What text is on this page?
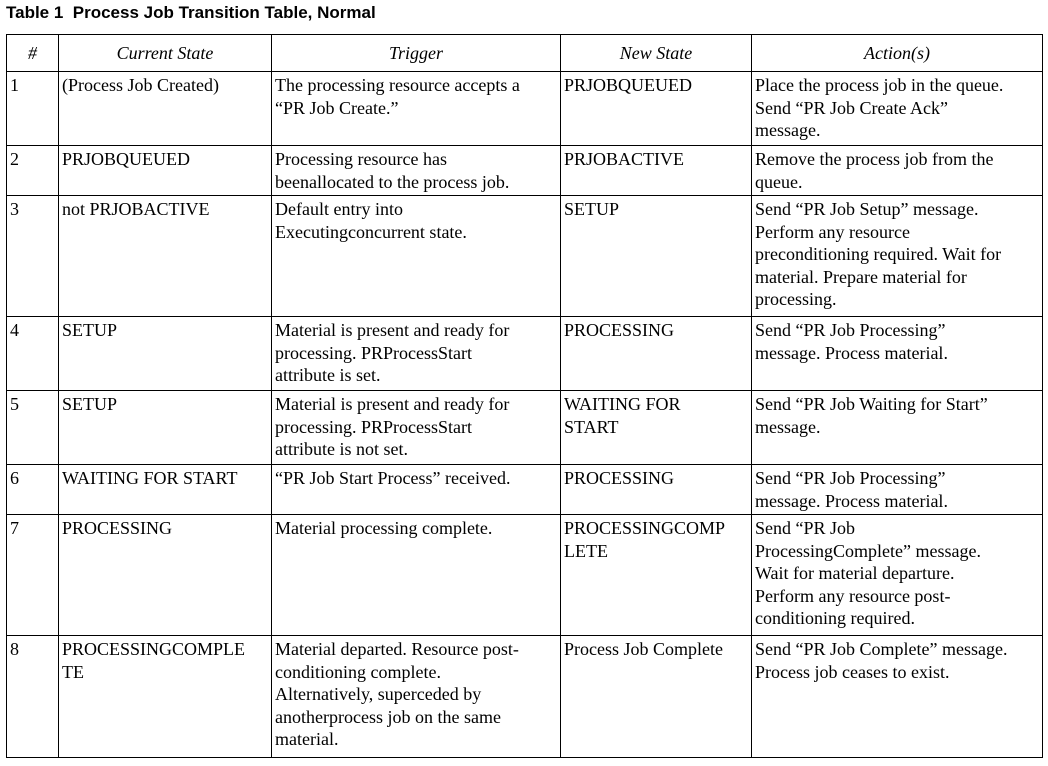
Table 1  Process Job Transition Table, Normal
#	Current State	Trigger	New State	Action(s)
1	(Process Job Created)	The processing resource accepts a
“PR Job Create.”	PRJOBQUEUED	Place the process job in the queue.
Send “PR Job Create Ack”
message.

2	PRJOBQUEUED	Processing resource has
beenallocated to the process job.	PRJOBACTIVE	Remove the process job from the
queue.

3	not PRJOBACTIVE	Default entry into
Executingconcurrent state.	SETUP	Send “PR Job Setup” message.
Perform any resource
preconditioning required. Wait for
material. Prepare material for
processing.

4	SETUP	Material is present and ready for
processing. PRProcessStart
attribute is set.	PROCESSING	Send “PR Job Processing”
message. Process material.

5	SETUP	Material is present and ready for
processing. PRProcessStart
attribute is not set.	WAITING FOR
START	Send “PR Job Waiting for Start”
message.

6	WAITING FOR START	“PR Job Start Process” received.	PROCESSING	Send “PR Job Processing”
message. Process material.

7	PROCESSING	Material processing complete.	PROCESSINGCOMP
LETE	Send “PR Job
ProcessingComplete” message.
Wait for material departure.
Perform any resource post-
conditioning required.

8	PROCESSINGCOMPLE
TE	Material departed. Resource post-
conditioning complete.
Alternatively, superceded by
anotherprocess job on the same
material.	Process Job Complete	Send “PR Job Complete” message.
Process job ceases to exist.
